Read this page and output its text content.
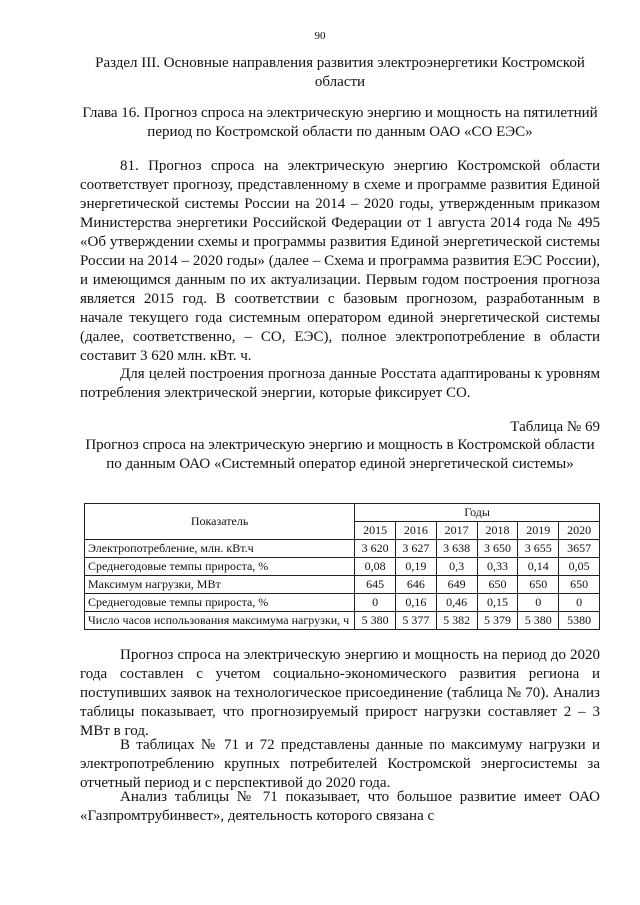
90
Раздел III. Основные направления развития электроэнергетики Костромской области
Глава 16. Прогноз спроса на электрическую энергию и мощность на пятилетний период по Костромской области по данным ОАО «СО ЕЭС»

81. Прогноз спроса на электрическую энергию Костромской области соответствует прогнозу, представленному в схеме и программе развития Единой энергетической системы России на 2014 – 2020 годы, утвержденным приказом Министерства энергетики Российской Федерации от 1 августа 2014 года № 495 «Об утверждении схемы и программы развития Единой энергетической системы России на 2014 – 2020 годы» (далее – Схема и программа развития ЕЭС России), и имеющимся данным по их актуализации. Первым годом построения прогноза является 2015 год. В соответствии с базовым прогнозом, разработанным в начале текущего года системным оператором единой энергетической системы (далее, соответственно, – СО, ЕЭС), полное электропотребление в области составит 3 620 млн. кВт. ч.

Для целей построения прогноза данные Росстата адаптированы к уровням потребления электрической энергии, которые фиксирует СО.

Таблица № 69
Прогноз спроса на электрическую энергию и мощность в Костромской области по данным ОАО «Системный оператор единой энергетической системы»
Показатель	Годы					
	2015	2016	2017	2018	2019	2020
Электропотребление, млн. кВт.ч	3 620	3 627	3 638	3 650	3 655	3657
Среднегодовые темпы прироста, %	0,08	0,19	0,3	0,33	0,14	0,05
Максимум нагрузки, МВт	645	646	649	650	650	650
Среднегодовые темпы прироста, %	0	0,16	0,46	0,15	0	0
Число часов использования максимума нагрузки, ч	5 380	5 377	5 382	5 379	5 380	5380

Прогноз спроса на электрическую энергию и мощность на период до 2020 года составлен с учетом социально-экономического развития региона и поступивших заявок на технологическое присоединение (таблица № 70). Анализ таблицы показывает, что прогнозируемый прирост нагрузки составляет 2 – 3 МВт в год.

В таблицах № 71 и 72 представлены данные по максимуму нагрузки и электропотреблению крупных потребителей Костромской энергосистемы за отчетный период и с перспективой до 2020 года.

Анализ таблицы № 71 показывает, что большое развитие имеет ОАО «Газпромтрубинвест», деятельность которого связана с
